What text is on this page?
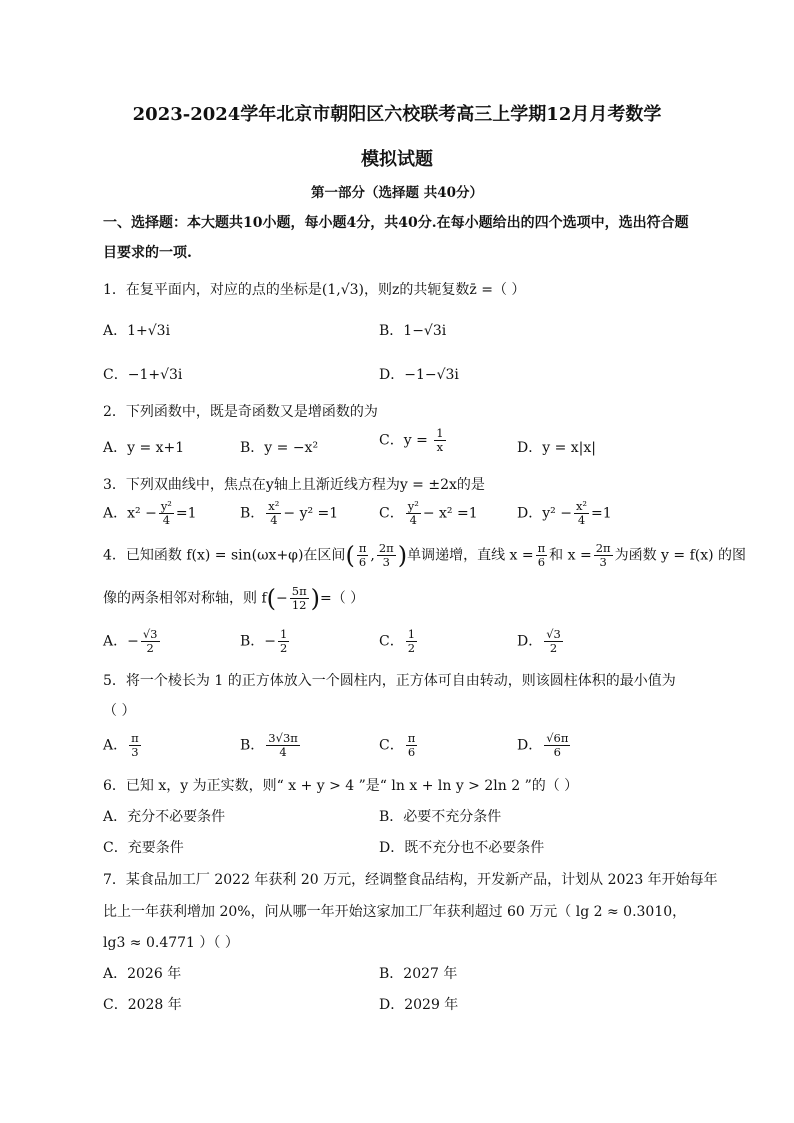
2023-2024学年北京市朝阳区六校联考高三上学期12月月考数学
模拟试题
第一部分（选择题 共40分）
一、选择题：本大题共10小题，每小题4分，共40分.在每小题给出的四个选项中，选出符合题
目要求的一项.
1．在复平面内，对应的点的坐标是(1,√3)，则z的共轭复数z̄ =（ ）
A．1+√3i	B．1−√3i
C．−1+√3i	D．−1−√3i
2．下列函数中，既是奇函数又是增函数的为
A．y = x+1	B．y = −x²	C．$y = \frac{1}{x}$	D．y = x|x|
3．下列双曲线中，焦点在y轴上且渐近线方程为y = ±2x的是
A．$x^2 - \frac{\text{y²}}{4} =1$	B． $\frac{\text{x²}}{4} - y^2 =1$	C． $\frac{\text{y²}}{4} - x^2 =1$	D．$y^2 - \frac{\text{x²}}{4} =1$
4．已知函数 f(x) = sin(ωx+φ)在区间( $\frac{\pi}{6}$ , $\frac{2\pi}{3}$ )单调递增，直线 $x = \frac{\pi}{6}$ 和 $x = \frac{2\pi}{3}$ 为函数 y = f(x) 的图
像的两条相邻对称轴，则 $f(- \frac{5\pi}{12}$ )=（ ）
A．− $\frac{√3}{2}$	B．− $\frac{1}{2}$	C． $\frac{1}{2}$	D． $\frac{√3}{2}$
5．将一个棱长为 1 的正方体放入一个圆柱内，正方体可自由转动，则该圆柱体积的最小值为
（ ）
A． $\frac{\pi}{3}$	B． $\frac{3√3\pi}{4}$	C． $\frac{\pi}{6}$	D． $\frac{√6\pi}{6}$
6．已知 x，y 为正实数，则“ x + y > 4 ”是“ ln x + ln y > 2ln 2 ”的（ ）
A．充分不必要条件	B．必要不充分条件
C．充要条件	D．既不充分也不必要条件
7．某食品加工厂 2022 年获利 20 万元，经调整食品结构，开发新产品，计划从 2023 年开始每年
比上一年获利增加 20%，问从哪一年开始这家加工厂年获利超过 60 万元（ lg 2 ≈ 0.3010，
lg3 ≈ 0.4771 ）（ ）
A．2026 年	B．2027 年
C．2028 年	D．2029 年
